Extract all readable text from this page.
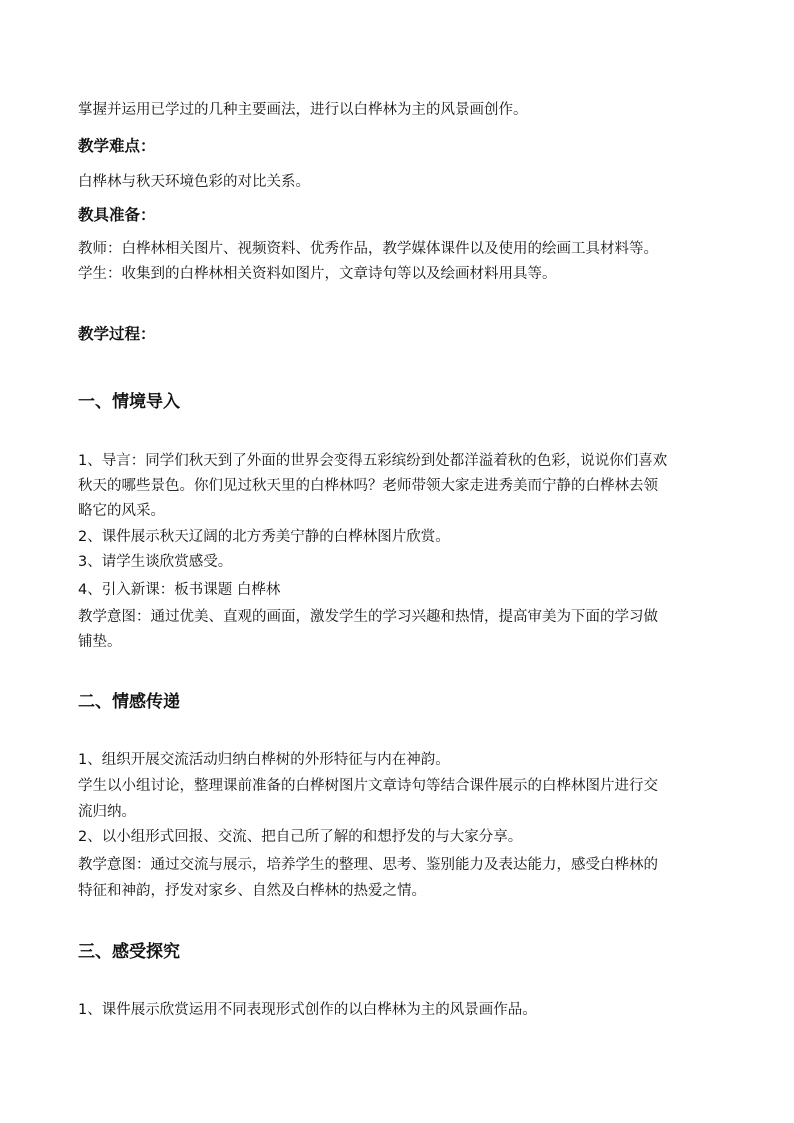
掌握并运用已学过的几种主要画法，进行以白桦林为主的风景画创作。
教学难点：
白桦林与秋天环境色彩的对比关系。
教具准备：
教师：白桦林相关图片、视频资料、优秀作品，教学媒体课件以及使用的绘画工具材料等。
学生：收集到的白桦林相关资料如图片，文章诗句等以及绘画材料用具等。
教学过程：
一、情境导入
1、导言：同学们秋天到了外面的世界会变得五彩缤纷到处都洋溢着秋的色彩，说说你们喜欢
秋天的哪些景色。你们见过秋天里的白桦林吗？老师带领大家走进秀美而宁静的白桦林去领
略它的风采。
2、课件展示秋天辽阔的北方秀美宁静的白桦林图片欣赏。
3、请学生谈欣赏感受。
4、引入新课：板书课题 白桦林
教学意图：通过优美、直观的画面，激发学生的学习兴趣和热情，提高审美为下面的学习做
铺垫。
二、情感传递
1、组织开展交流活动归纳白桦树的外形特征与内在神韵。
学生以小组讨论，整理课前准备的白桦树图片文章诗句等结合课件展示的白桦林图片进行交
流归纳。
2、以小组形式回报、交流、把自己所了解的和想抒发的与大家分享。
教学意图：通过交流与展示，培养学生的整理、思考、鉴别能力及表达能力，感受白桦林的
特征和神韵，抒发对家乡、自然及白桦林的热爱之情。
三、感受探究
1、课件展示欣赏运用不同表现形式创作的以白桦林为主的风景画作品。
